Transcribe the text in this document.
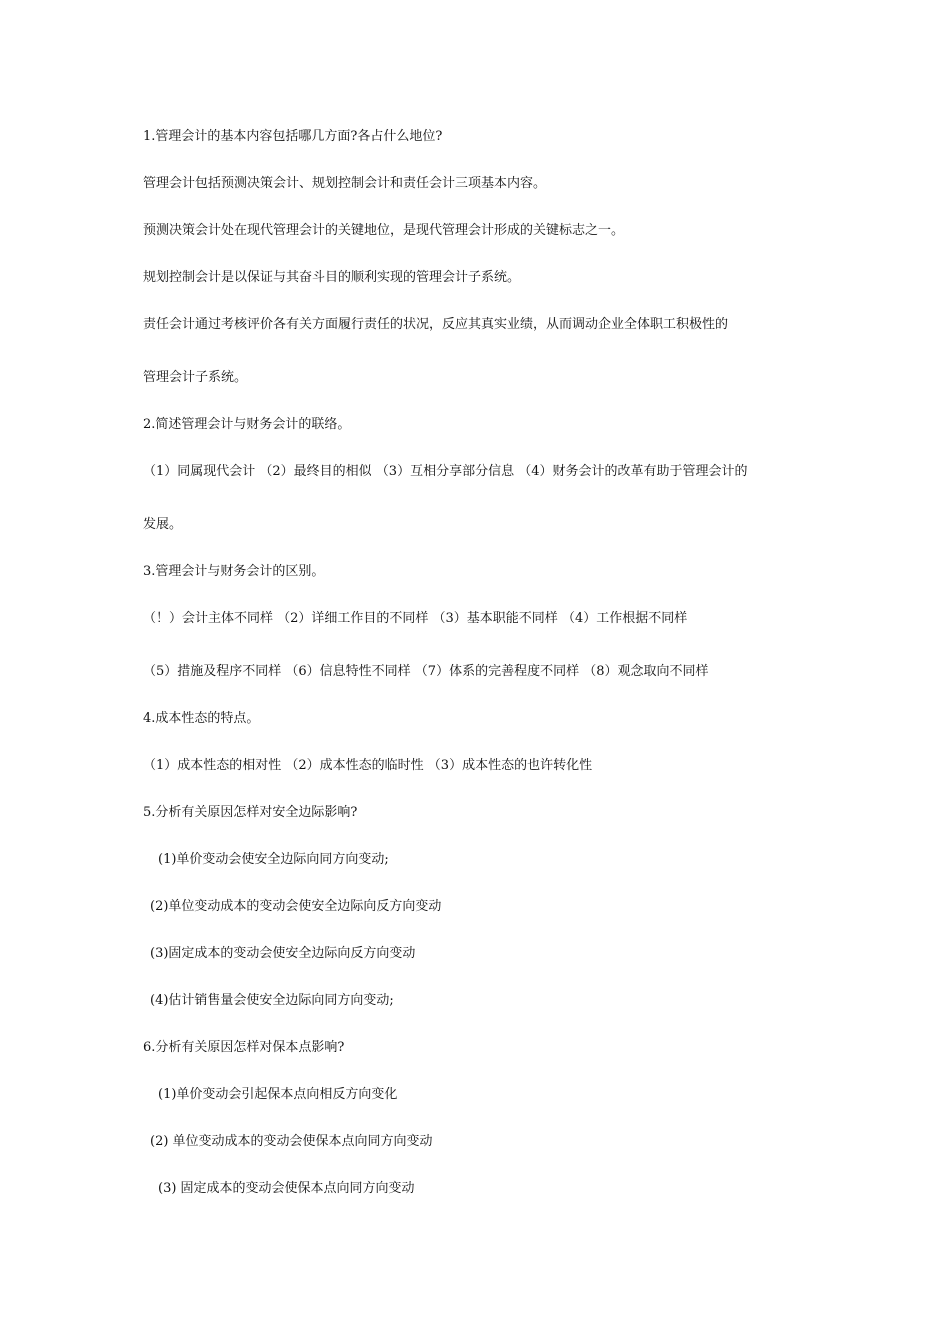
1.管理会计的基本内容包括哪几方面?各占什么地位?
管理会计包括预测决策会计、规划控制会计和责任会计三项基本内容。
预测决策会计处在现代管理会计的关键地位，是现代管理会计形成的关键标志之一。
规划控制会计是以保证与其奋斗目的顺利实现的管理会计子系统。
责任会计通过考核评价各有关方面履行责任的状况，反应其真实业绩，从而调动企业全体职工积极性的
管理会计子系统。
2.简述管理会计与财务会计的联络。
（1）同属现代会计 （2）最终目的相似 （3）互相分享部分信息 （4）财务会计的改革有助于管理会计的
发展。
3.管理会计与财务会计的区别。
（！）会计主体不同样 （2）详细工作目的不同样 （3）基本职能不同样 （4）工作根据不同样
（5）措施及程序不同样 （6）信息特性不同样 （7）体系的完善程度不同样 （8）观念取向不同样
4.成本性态的特点。
（1）成本性态的相对性 （2）成本性态的临时性 （3）成本性态的也许转化性
5.分析有关原因怎样对安全边际影响?
(1)单价变动会使安全边际向同方向变动;
(2)单位变动成本的变动会使安全边际向反方向变动
(3)固定成本的变动会使安全边际向反方向变动
(4)估计销售量会使安全边际向同方向变动;
6.分析有关原因怎样对保本点影响?
(1)单价变动会引起保本点向相反方向变化
(2) 单位变动成本的变动会使保本点向同方向变动
(3) 固定成本的变动会使保本点向同方向变动
